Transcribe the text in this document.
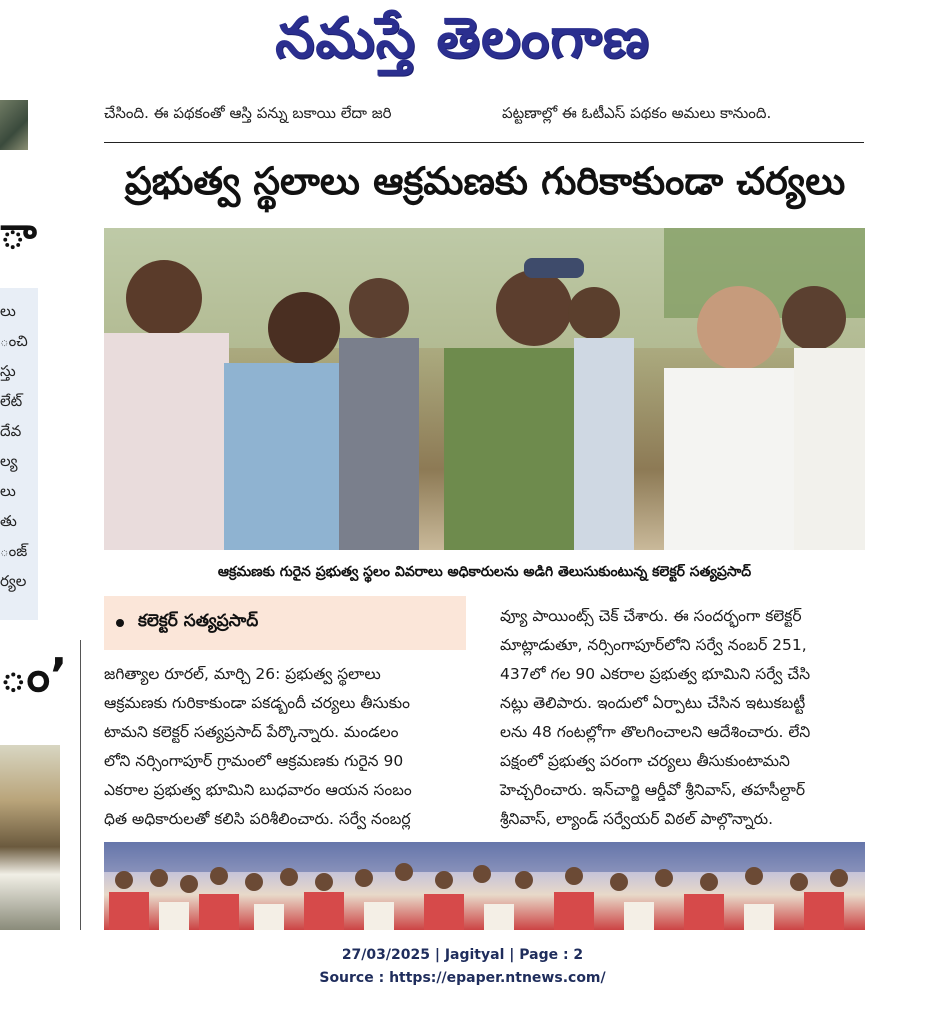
నమస్తే తెలంగాణ
ా
లు
ంచి
స్తు
లేట్
దేవ
ల్య
లు
తు
ంజ్
ర్యల
ం’
చేసింది. ఈ పథకంతో ఆస్తి పన్ను బకాయి లేదా జరి	పట్టణాల్లో ఈ ఓటీఎస్‌ పథకం అమలు కానుంది.
ప్రభుత్వ స్థలాలు ఆక్రమణకు గురికాకుండా చర్యలు
ఆక్రమణకు గురైన ప్రభుత్వ స్థలం వివరాలు అధికారులను అడిగి తెలుసుకుంటున్న కలెక్టర్‌ సత్యప్రసాద్‌
కలెక్టర్‌ సత్యప్రసాద్‌
జగిత్యాల రూరల్‌, మార్చి 26: ప్రభుత్వ స్థలాలు
ఆక్రమణకు గురికాకుండా పకడ్బందీ చర్యలు తీసుకుం
టామని కలెక్టర్‌ సత్యప్రసాద్‌ పేర్కొన్నారు. మండలం
లోని నర్సింగాపూర్‌ గ్రామంలో ఆక్రమణకు గురైన 90
ఎకరాల ప్రభుత్వ భూమిని బుధవారం ఆయన సంబం
ధిత అధికారులతో కలిసి పరిశీలించారు. సర్వే నంబర్ల
వ్యూ పాయింట్స్‌ చెక్‌ చేశారు. ఈ సందర్భంగా కలెక్టర్‌
మాట్లాడుతూ, నర్సింగాపూర్‌లోని సర్వే నంబర్‌ 251,
437లో గల 90 ఎకరాల ప్రభుత్వ భూమిని సర్వే చేసి
నట్లు తెలిపారు. ఇందులో ఏర్పాటు చేసిన ఇటుకబట్టీ
లను 48 గంటల్లోగా తొలగించాలని ఆదేశించారు. లేని
పక్షంలో ప్రభుత్వ పరంగా చర్యలు తీసుకుంటామని
హెచ్చరించారు. ఇన్‌చార్జి ఆర్డీవో శ్రీనివాస్‌, తహసీల్దార్‌
శ్రీనివాస్‌, ల్యాండ్‌ సర్వేయర్‌ విఠల్‌ పాల్గొన్నారు.
27/03/2025 | Jagityal | Page : 2
Source : https://epaper.ntnews.com/
